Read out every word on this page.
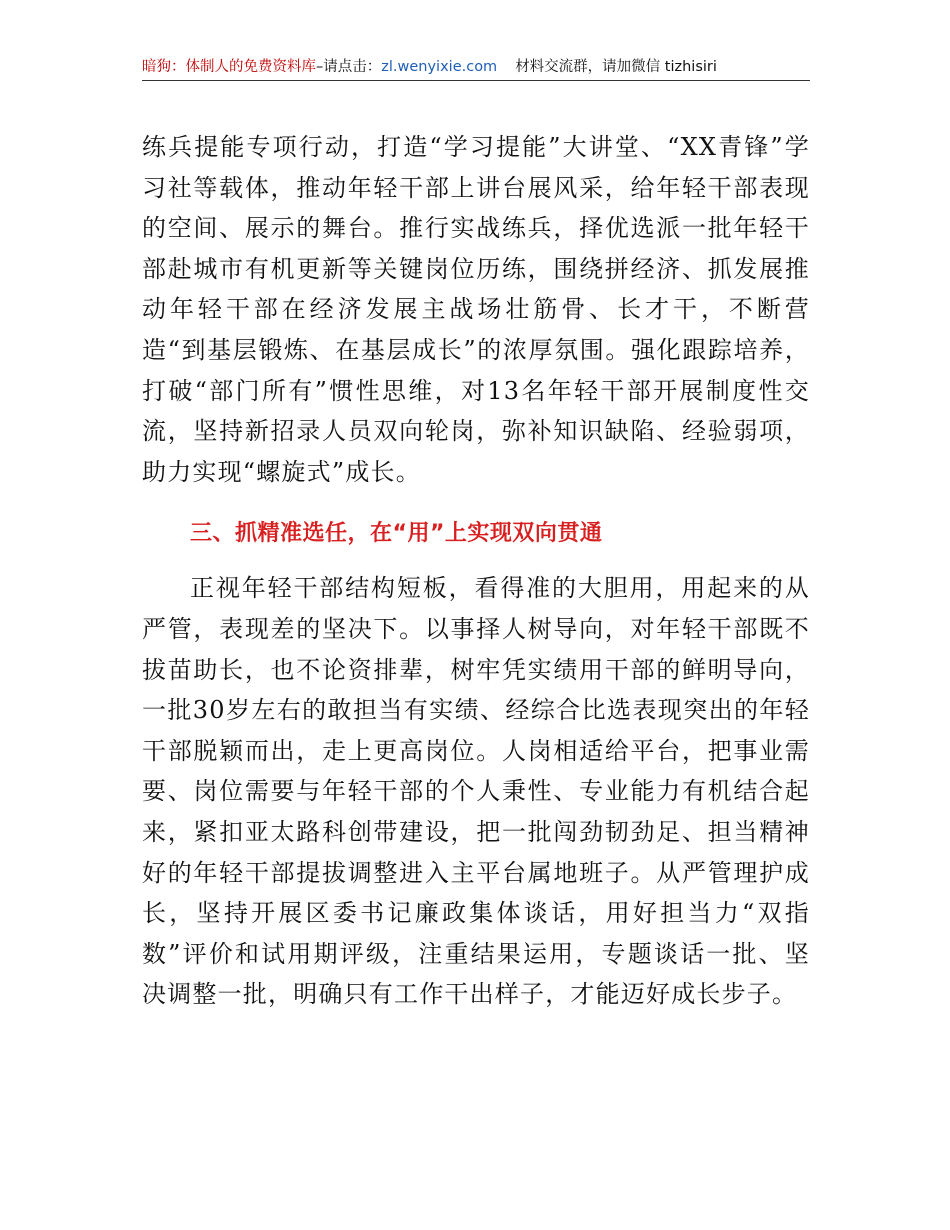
暗狗：体制人的免费资料库–请点击：zl.wenyixie.com 材料交流群，请加微信 tizhisiri

练兵提能专项行动，打造“学习提能”大讲堂、“XX青锋”学习社等载体，推动年轻干部上讲台展风采，给年轻干部表现的空间、展示的舞台。推行实战练兵，择优选派一批年轻干部赴城市有机更新等关键岗位历练，围绕拼经济、抓发展推动年轻干部在经济发展主战场壮筋骨、长才干，不断营造“到基层锻炼、在基层成长”的浓厚氛围。强化跟踪培养，打破“部门所有”惯性思维，对13名年轻干部开展制度性交流，坚持新招录人员双向轮岗，弥补知识缺陷、经验弱项，助力实现“螺旋式”成长。

三、抓精准选任，在“用”上实现双向贯通

正视年轻干部结构短板，看得准的大胆用，用起来的从严管，表现差的坚决下。以事择人树导向，对年轻干部既不拔苗助长，也不论资排辈，树牢凭实绩用干部的鲜明导向，一批30岁左右的敢担当有实绩、经综合比选表现突出的年轻干部脱颖而出，走上更高岗位。人岗相适给平台，把事业需要、岗位需要与年轻干部的个人秉性、专业能力有机结合起来，紧扣亚太路科创带建设，把一批闯劲韧劲足、担当精神好的年轻干部提拔调整进入主平台属地班子。从严管理护成长，坚持开展区委书记廉政集体谈话，用好担当力“双指数”评价和试用期评级，注重结果运用，专题谈话一批、坚决调整一批，明确只有工作干出样子，才能迈好成长步子。
